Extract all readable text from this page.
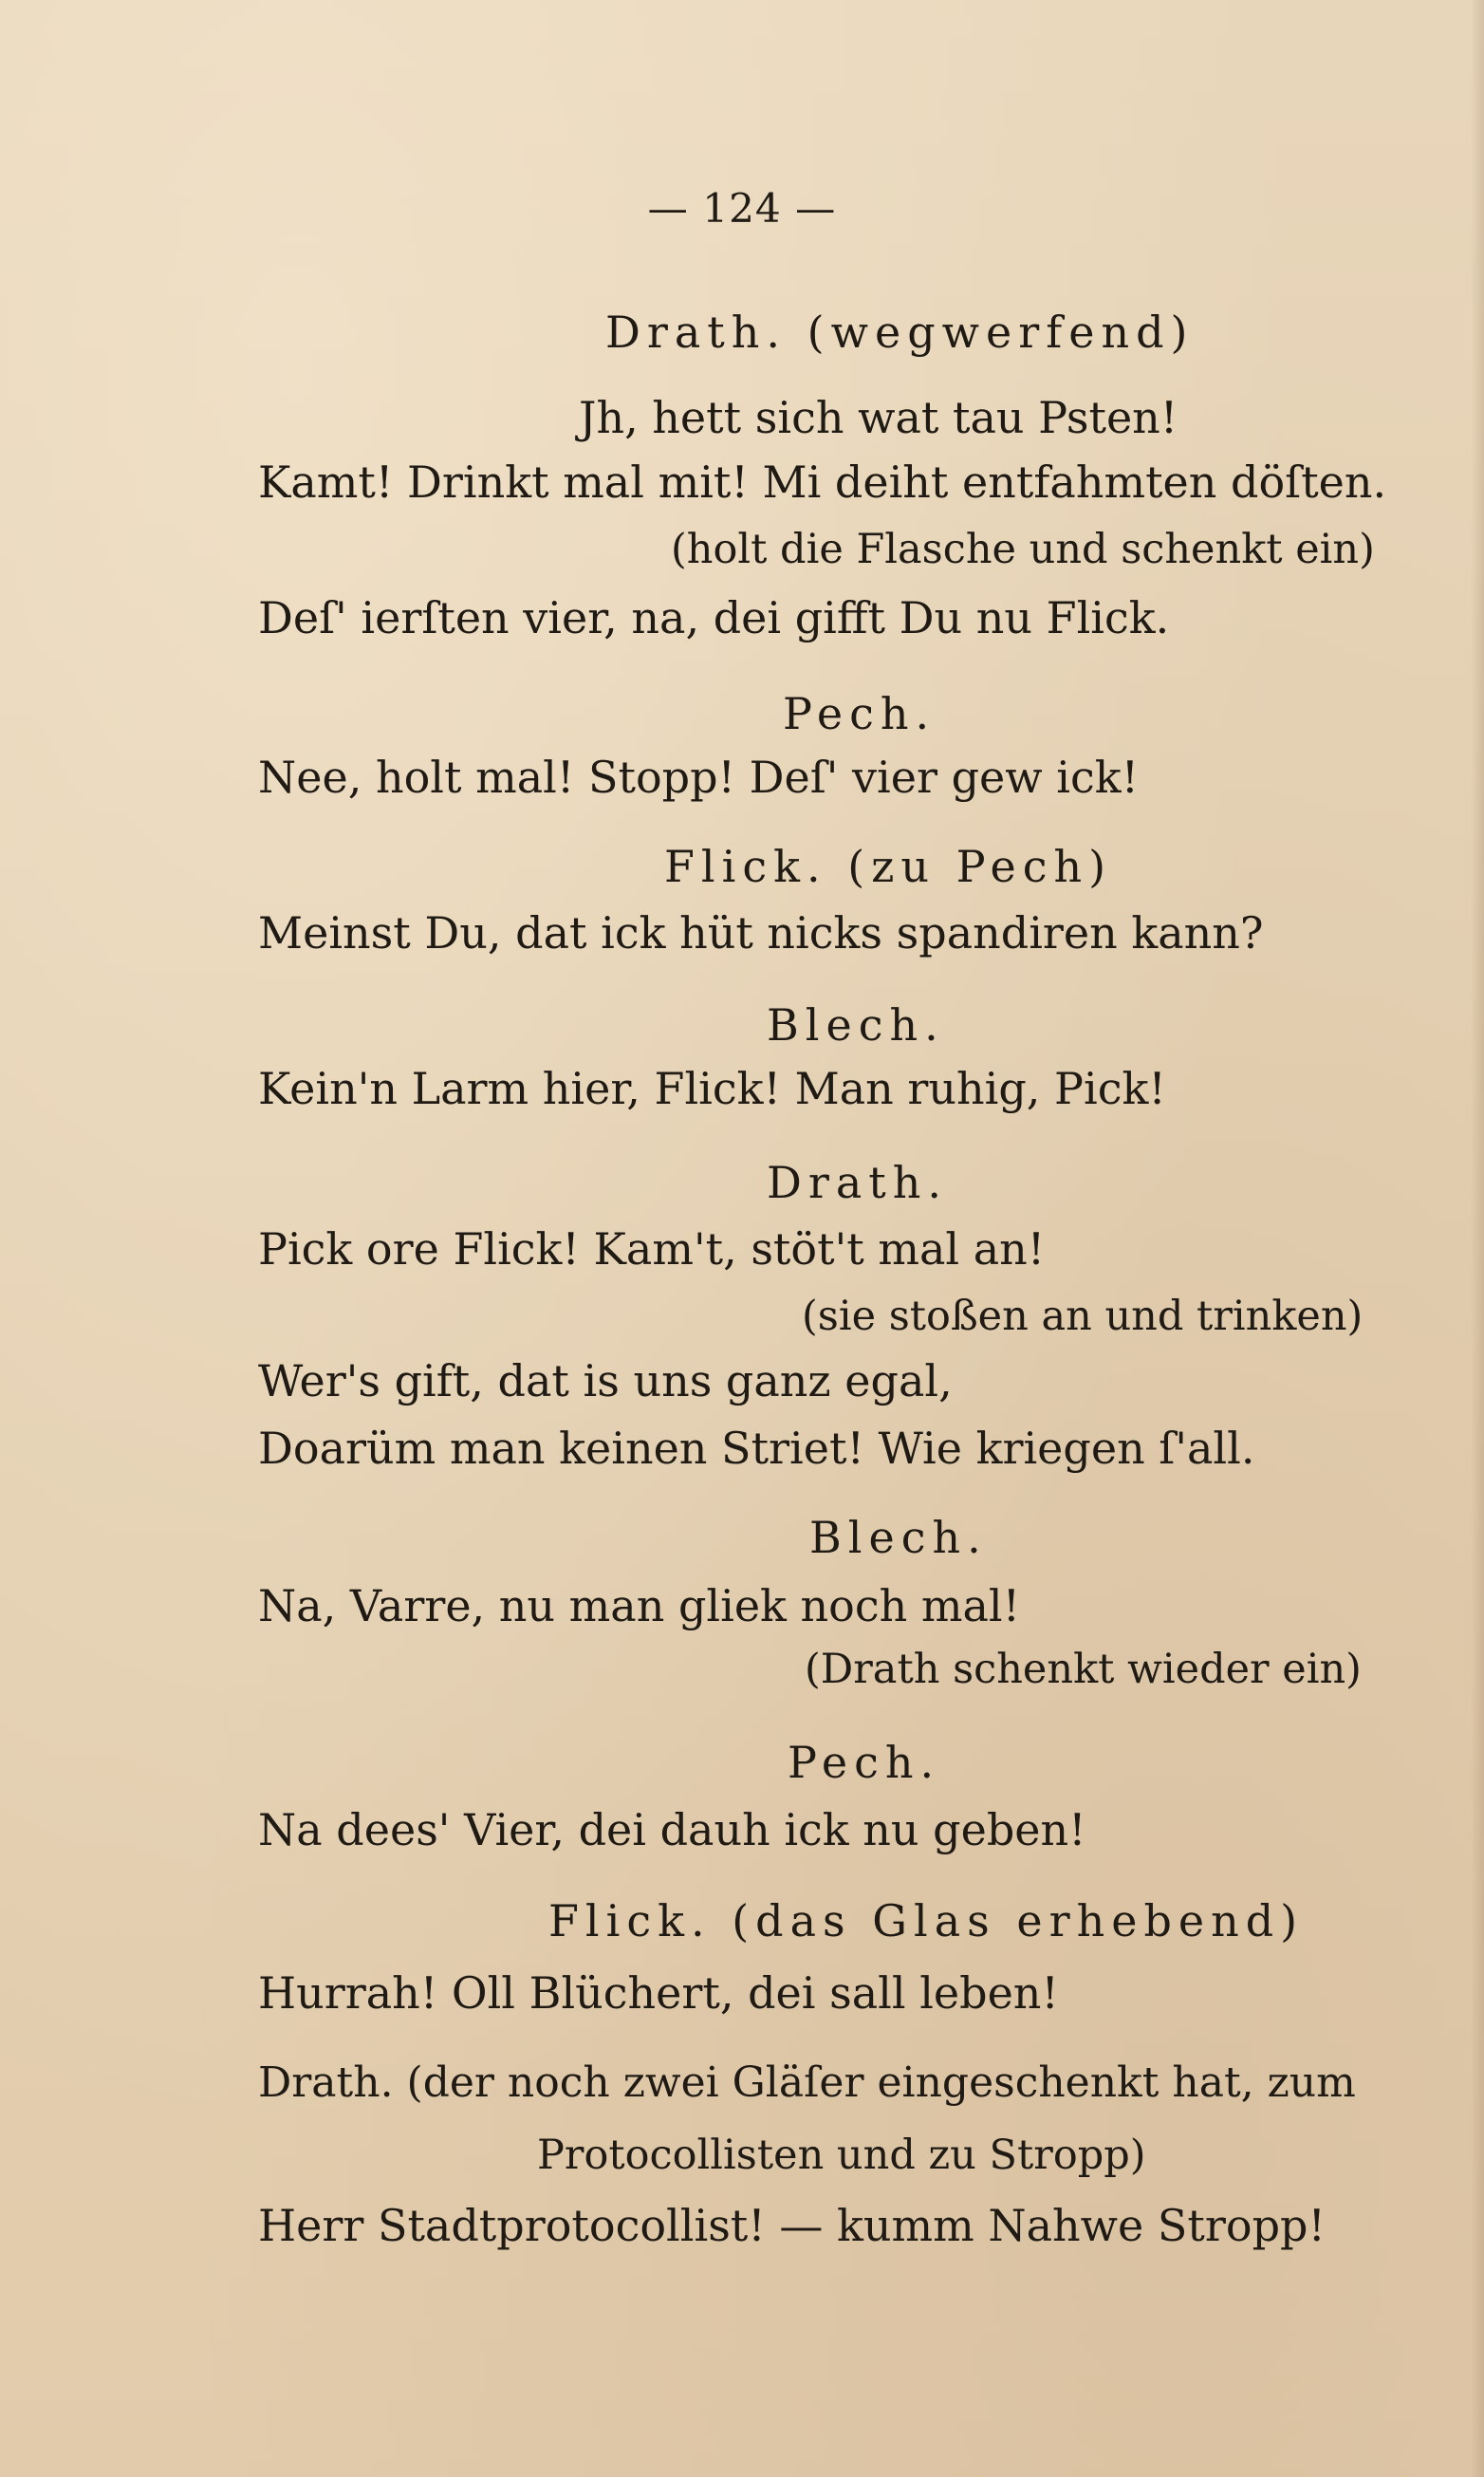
— 124 —
Drath. (wegwerfend)
Jh, hett sich wat tau Psten!
Kamt! Drinkt mal mit! Mi deiht entfahmten döſten.
(holt die Flasche und schenkt ein)
Deſ' ierſten vier, na, dei gifft Du nu Flick.
Pech.
Nee, holt mal! Stopp! Deſ' vier gew ick!
Flick. (zu Pech)
Meinst Du, dat ick hüt nicks spandiren kann?
Blech.
Kein'n Larm hier, Flick! Man ruhig, Pick!
Drath.
Pick ore Flick! Kam't, stöt't mal an!
(sie stoßen an und trinken)
Wer's gift, dat is uns ganz egal,
Doarüm man keinen Striet! Wie kriegen ſ'all.
Blech.
Na, Varre, nu man gliek noch mal!
(Drath schenkt wieder ein)
Pech.
Na dees' Vier, dei dauh ick nu geben!
Flick. (das Glas erhebend)
Hurrah! Oll Blüchert, dei sall leben!
Drath. (der noch zwei Gläſer eingeschenkt hat, zum
Protocollisten und zu Stropp)
Herr Stadtprotocollist! — kumm Nahwe Stropp!
